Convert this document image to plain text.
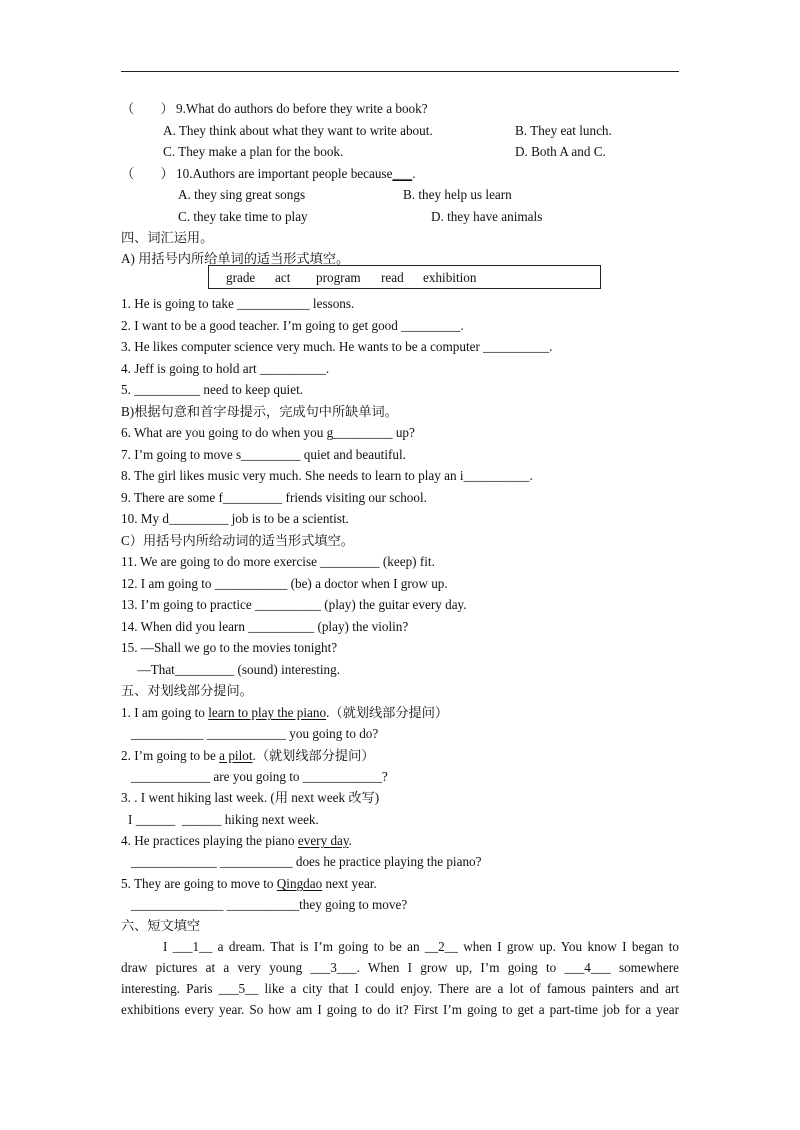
（　　） 9.What do authors do before they write a book?
A. They think about what they want to write about.	B. They eat lunch.
C. They make a plan for the book.	D. Both A and C.
（　　） 10.Authors are important people because___.
A. they sing great songs	B. they help us learn
C. they take time to play	D. they have animals
四、词汇运用。
A) 用括号内所给单词的适当形式填空。
grade act program read exhibition
1. He is going to take ___________ lessons.
2. I want to be a good teacher. I’m going to get good _________.
3. He likes computer science very much. He wants to be a computer __________.
4. Jeff is going to hold art __________.
5. __________ need to keep quiet.
B)根据句意和首字母提示，完成句中所缺单词。
6. What are you going to do when you g_________ up?
7. I’m going to move s_________ quiet and beautiful.
8. The girl likes music very much. She needs to learn to play an i__________.
9. There are some f_________ friends visiting our school.
10. My d_________ job is to be a scientist.
C）用括号内所给动词的适当形式填空。
11. We are going to do more exercise _________ (keep) fit.
12. I am going to ___________ (be) a doctor when I grow up.
13. I’m going to practice __________ (play) the guitar every day.
14. When did you learn __________ (play) the violin?
15. —Shall we go to the movies tonight?
—That_________ (sound) interesting.
五、对划线部分提问。
1. I am going to learn to play the piano.（就划线部分提问）
___________ ____________ you going to do?
2. I’m going to be a pilot.（就划线部分提问）
____________ are you going to ____________?
3. . I went hiking last week. (用 next week 改写)
I ______  ______ hiking next week.
4. He practices playing the piano every day.
_____________ ___________ does he practice playing the piano?
5. They are going to move to Qingdao next year.
______________ ___________they going to move?
六、短文填空
I ___1__ a dream. That is I’m going to be an __2__ when I grow up. You know I began to
draw pictures at a very young ___3___. When I grow up, I’m going to ___4___ somewhere
interesting. Paris ___5__ like a city that I could enjoy. There are a lot of famous painters and art
exhibitions every year. So how am I going to do it? First I’m going to get a part-time job for a year
